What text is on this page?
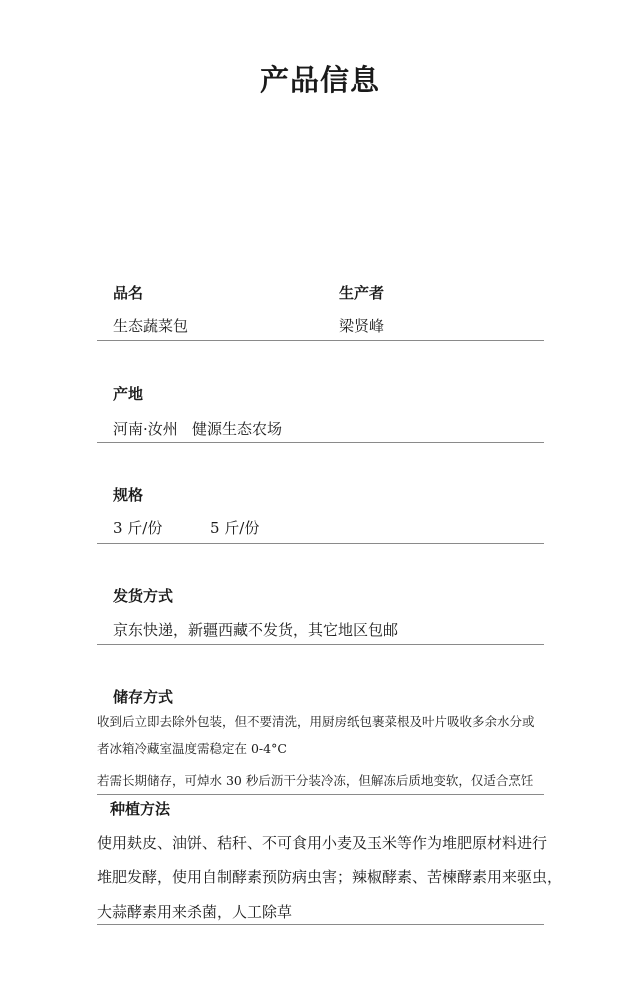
产品信息
品名	生产者
生态蔬菜包	梁贤峰
产地
河南·汝州 健源生态农场
规格
3 斤/份	5 斤/份
发货方式
京东快递，新疆西藏不发货，其它地区包邮
储存方式
收到后立即去除外包装，但不要清洗，用厨房纸包裹菜根及叶片吸收多余水分或
者冰箱冷藏室温度需稳定在 0-4°C
若需长期储存，可焯水 30 秒后沥干分装冷冻，但解冻后质地变软，仅适合烹饪
种植方法
使用麸皮、油饼、秸秆、不可食用小麦及玉米等作为堆肥原材料进行
堆肥发酵，使用自制酵素预防病虫害；辣椒酵素、苦楝酵素用来驱虫，
大蒜酵素用来杀菌，人工除草
